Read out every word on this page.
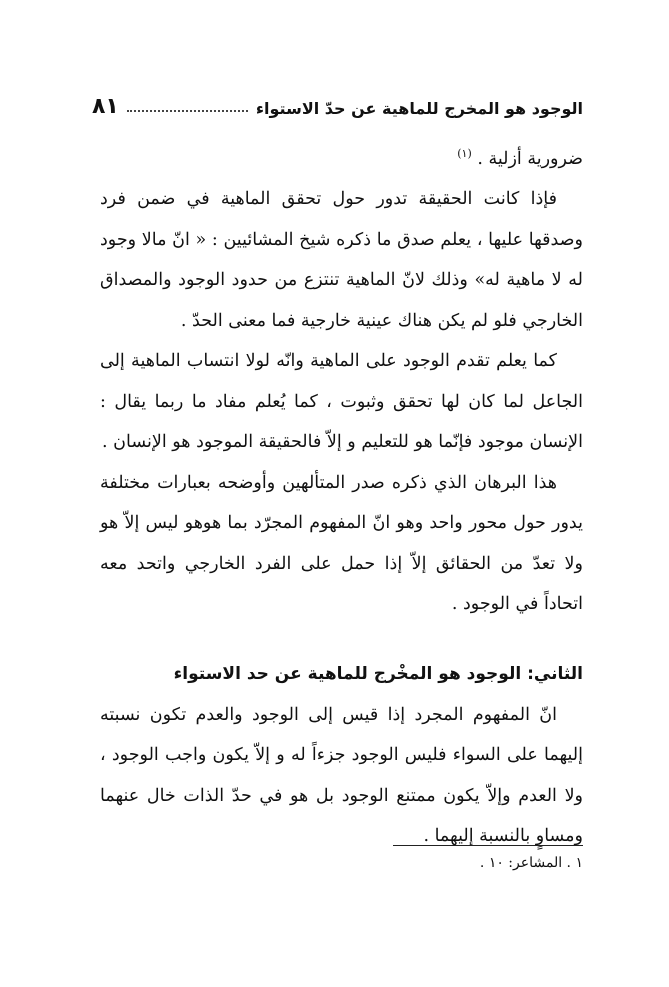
الوجود هو المخرج للماهية عن حدّ الاستواء
٨١

ضرورية أزلية . $^{(١)}$

فإذا كانت الحقيقة تدور حول تحقق الماهية في ضمن فرد وصدقها عليها ، يعلم صدق ما ذكره شيخ المشائيين : « انّ مالا وجود له لا ماهية له» وذلك لانّ الماهية تنتزع من حدود الوجود والمصداق الخارجي فلو لم يكن هناك عينية خارجية فما معنى الحدّ .

كما يعلم تقدم الوجود على الماهية وانّه لولا انتساب الماهية إلى الجاعل لما كان لها تحقق وثبوت ، كما يُعلم مفاد ما ربما يقال : الإنسان موجود فإنّما هو للتعليم و إلاّ فالحقيقة الموجود هو الإنسان .

هذا البرهان الذي ذكره صدر المتألهين وأوضحه بعبارات مختلفة يدور حول محور واحد وهو انّ المفهوم المجرّد بما هوهو ليس إلاّ هو ولا تعدّ من الحقائق إلاّ إذا حمل على الفرد الخارجي واتحد معه اتحاداً في الوجود .

الثاني: الوجود هو المخْرج للماهية عن حد الاستواء

انّ المفهوم المجرد إذا قيس إلى الوجود والعدم تكون نسبته إليهما على السواء فليس الوجود جزءاً له و إلاّ يكون واجب الوجود ، ولا العدم وإلاّ يكون ممتنع الوجود بل هو في حدّ الذات خال عنهما ومساوٍ بالنسبة إليهما .

١ . المشاعر: ١٠ .
